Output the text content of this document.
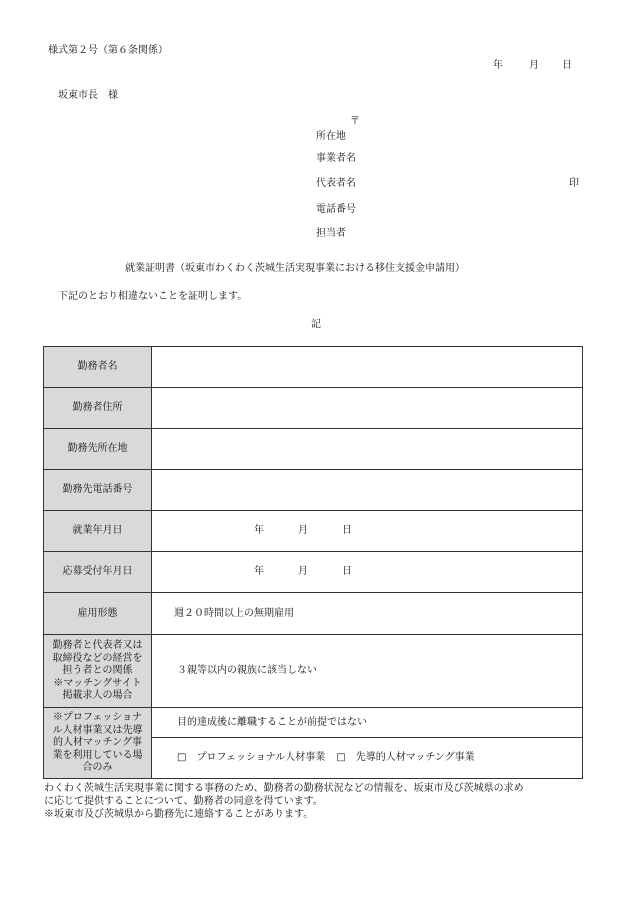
様式第２号（第６条関係）
年	月 日
坂東市長　様
〒
所在地
事業者名
代表者名	印
電話番号
担当者
就業証明書（坂東市わくわく茨城生活実現事業における移住支援金申請用）
下記のとおり相違ないことを証明します。
記
勤務者名	
勤務者住所	
勤務先所在地	
勤務先電話番号	
就業年月日	年 月 日
応募受付年月日	年 月 日
雇用形態	週２０時間以上の無期雇用

勤務者と代表者又は
取締役などの経営を
担う者との関係
※マッチングサイト
掲載求人の場合	３親等以内の親族に該当しない

※プロフェッショナ
ル人材事業又は先導
的人材マッチング事
業を利用している場
合のみ	目的達成後に離職することが前提ではない
	□　プロフェッショナル人材事業 □　先導的人材マッチング事業
わくわく茨城生活実現事業に関する事務のため、勤務者の勤務状況などの情報を、坂東市及び茨城県の求め
に応じて提供することについて、勤務者の同意を得ています。
※坂東市及び茨城県から勤務先に連絡することがあります。
